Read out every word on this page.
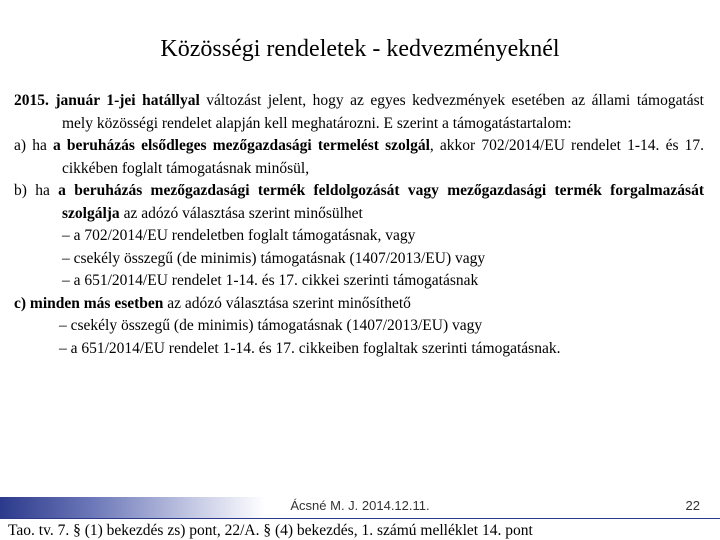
Közösségi rendeletek - kedvezményeknél

2015. január 1-jei hatállyal változást jelent, hogy az egyes kedvezmények esetében az állami támogatást mely közösségi rendelet alapján kell meghatározni. E szerint a támogatástartalom:

a) ha a beruházás elsődleges mezőgazdasági termelést szolgál, akkor 702/2014/EU rendelet 1-14. és 17. cikkében foglalt támogatásnak minősül,

b) ha a beruházás mezőgazdasági termék feldolgozását vagy mezőgazdasági termék forgalmazását szolgálja az adózó választása szerint minősülhet

– a 702/2014/EU rendeletben foglalt támogatásnak, vagy

– csekély összegű (de minimis) támogatásnak (1407/2013/EU) vagy

– a 651/2014/EU rendelet 1-14. és 17. cikkei szerinti támogatásnak

c) minden más esetben az adózó választása szerint minősíthető

– csekély összegű (de minimis) támogatásnak (1407/2013/EU) vagy

– a 651/2014/EU rendelet 1-14. és 17. cikkeiben foglaltak szerinti támogatásnak.

Ácsné M. J. 2014.12.11.	22
Tao. tv. 7. § (1) bekezdés zs) pont, 22/A. § (4) bekezdés, 1. számú melléklet 14. pont
